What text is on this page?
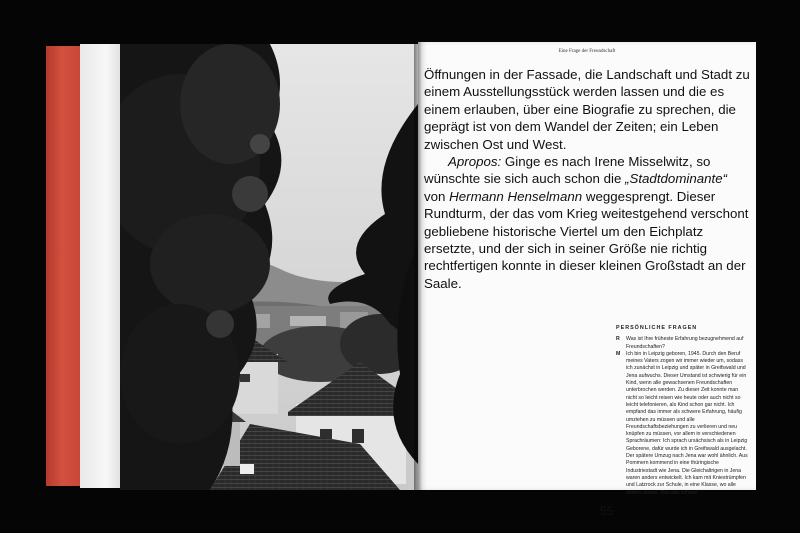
Eine Frage der Freundschaft

Öffnungen in der Fassade, die Landschaft und Stadt zu einem Ausstellungsstück werden lassen und die es einem erlauben, über eine Biografie zu sprechen, die geprägt ist von dem Wandel der Zeiten; ein Leben zwischen Ost und West.

Apropos: Ginge es nach Irene Misselwitz, so wünschte sie sich auch schon die „Stadtdominante“ von Hermann Henselmann weggesprengt. Dieser Rundturm, der das vom Krieg weitestgehend verschont gebliebene historische Viertel um den Eichplatz ersetzte, und der sich in seiner Größe nie richtig rechtfertigen konnte in dieser kleinen Großstadt an der Saale.

PERSÖNLICHE FRAGEN
R	Was ist Ihre früheste Erfahrung bezugnehmend auf Freundschaften?
M	Ich bin in Leipzig geboren, 1945. Durch den Beruf meines Vaters zogen wir immer wieder um, sodass ich zunächst in Leipzig und später in Greifswald und Jena aufwuchs. Dieser Umstand ist schwierig für ein Kind, wenn alle gewachsenen Freundschaften unterbrochen werden. Zu dieser Zeit konnte man nicht so leicht reisen wie heute oder auch nicht so leicht telefonieren, als Kind schon gar nicht. Ich empfand das immer als schwere Erfahrung, häufig umziehen zu müssen und alle Freundschaftsbeziehungen zu verlieren und neu knüpfen zu müssen, vor allem in verschiedenen Sprachräumen: Ich sprach ursächsisch als in Leipzig Geborene, dafür wurde ich in Greifswald ausgelacht.
Der spätere Umzug nach Jena war wohl ähnlich. Aus Pommern kommend in eine thüringische Industriestadt wie Jena. Die Gleichaltrigen in Jena waren anders entwickelt. Ich kam mit Kniestrümpfen und Latzrock zur Schule, in eine Klasse, wo alle anders waren. Das war schwer.
55
